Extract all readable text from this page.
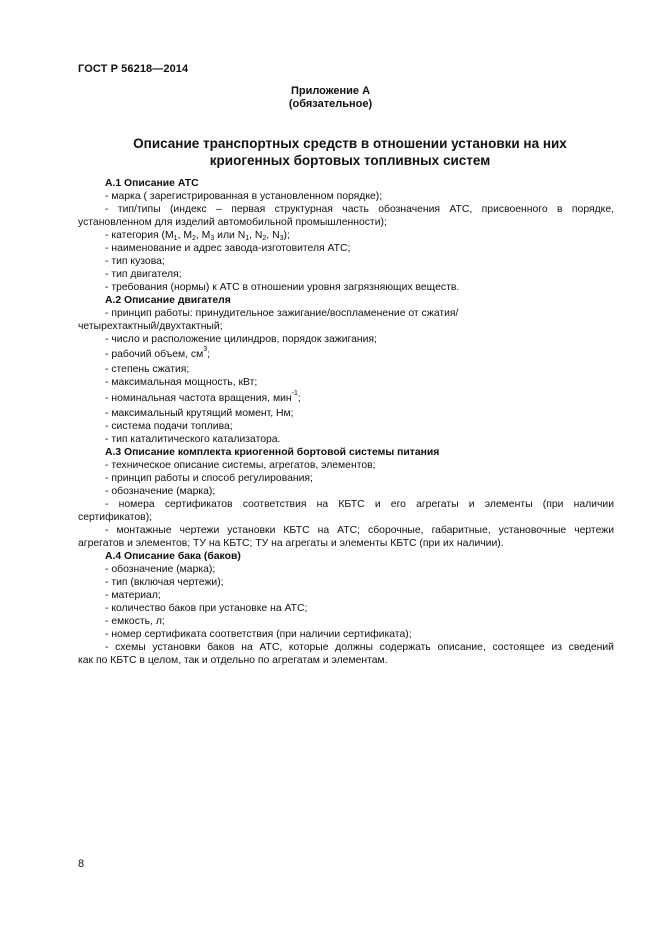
ГОСТ Р 56218—2014
Приложение А
(обязательное)
Описание транспортных средств в отношении установки на них
криогенных бортовых топливных систем
А.1 Описание АТС
- марка ( зарегистрированная в установленном порядке);
- тип/типы (индекс – первая структурная часть обозначения АТС, присвоенного в порядке,
установленном для изделий автомобильной промышленности);
- категория ($M_1$, $M_2$, $M_3$ или $N_1$, $N_2$, $N_3$);
- наименование и адрес завода-изготовителя АТС;
- тип кузова;
- тип двигателя;
- требования (нормы) к АТС в отношении уровня загрязняющих веществ.
А.2 Описание двигателя
- принцип работы: принудительное зажигание/воспламенение от сжатия/
четырехтактный/двухтактный;
- число и расположение цилиндров, порядок зажигания;
- рабочий объем, $см^3$;
- степень сжатия;
- максимальная мощность, кВт;
- номинальная частота вращения, мин$^{-1}$;
- максимальный крутящий момент, Нм;
- система подачи топлива;
- тип каталитического катализатора.
А.3 Описание комплекта криогенной бортовой системы питания
- техническое описание системы, агрегатов, элементов;
- принцип работы и способ регулирования;
- обозначение (марка);
- номера сертификатов соответствия на КБТС и его агрегаты и элементы (при наличии
сертификатов);
- монтажные чертежи установки КБТС на АТС; сборочные, габаритные, установочные чертежи
агрегатов и элементов; ТУ на КБТС; ТУ на агрегаты и элементы КБТС (при их наличии).
А.4 Описание бака (баков)
- обозначение (марка);
- тип (включая чертежи);
- материал;
- количество баков при установке на АТС;
- емкость, л;
- номер сертификата соответствия (при наличии сертификата);
- схемы установки баков на АТС, которые должны содержать описание, состоящее из сведений
как по КБТС в целом, так и отдельно по агрегатам и элементам.
8
